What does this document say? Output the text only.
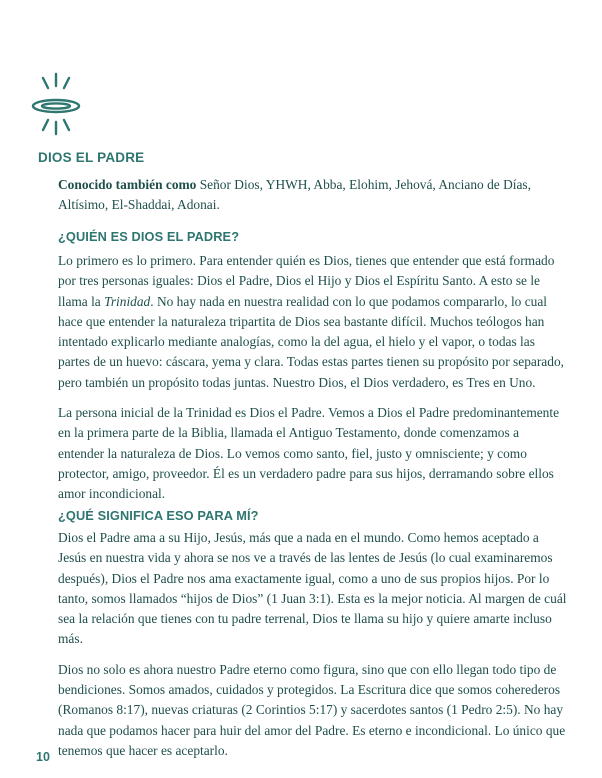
DIOS EL PADRE

Conocido también como Señor Dios, YHWH, Abba, Elohim, Jehová, Anciano de Días, Altísimo, El-Shaddai, Adonai.

¿QUIÉN ES DIOS EL PADRE?

Lo primero es lo primero. Para entender quién es Dios, tienes que entender que está formado por tres personas iguales: Dios el Padre, Dios el Hijo y Dios el Espíritu Santo. A esto se le llama la Trinidad. No hay nada en nuestra realidad con lo que podamos compararlo, lo cual hace que entender la naturaleza tripartita de Dios sea bastante difícil. Muchos teólogos han intentado explicarlo mediante analogías, como la del agua, el hielo y el vapor, o todas las partes de un huevo: cáscara, yema y clara. Todas estas partes tienen su propósito por separado, pero también un propósito todas juntas. Nuestro Dios, el Dios verdadero, es Tres en Uno.

La persona inicial de la Trinidad es Dios el Padre. Vemos a Dios el Padre predominantemente en la primera parte de la Biblia, llamada el Antiguo Testamento, donde comenzamos a entender la naturaleza de Dios. Lo vemos como santo, fiel, justo y omnisciente; y como protector, amigo, proveedor. Él es un verdadero padre para sus hijos, derramando sobre ellos amor incondicional.

¿QUÉ SIGNIFICA ESO PARA MÍ?

Dios el Padre ama a su Hijo, Jesús, más que a nada en el mundo. Como hemos aceptado a Jesús en nuestra vida y ahora se nos ve a través de las lentes de Jesús (lo cual examinaremos después), Dios el Padre nos ama exactamente igual, como a uno de sus propios hijos. Por lo tanto, somos llamados “hijos de Dios” (1 Juan 3:1). Esta es la mejor noticia. Al margen de cuál sea la relación que tienes con tu padre terrenal, Dios te llama su hijo y quiere amarte incluso más.

Dios no solo es ahora nuestro Padre eterno como figura, sino que con ello llegan todo tipo de bendiciones. Somos amados, cuidados y protegidos. La Escritura dice que somos coherederos (Romanos 8:17), nuevas criaturas (2 Corintios 5:17) y sacerdotes santos (1 Pedro 2:5). No hay nada que podamos hacer para huir del amor del Padre. Es eterno e incondicional. Lo único que tenemos que hacer es aceptarlo.

10
